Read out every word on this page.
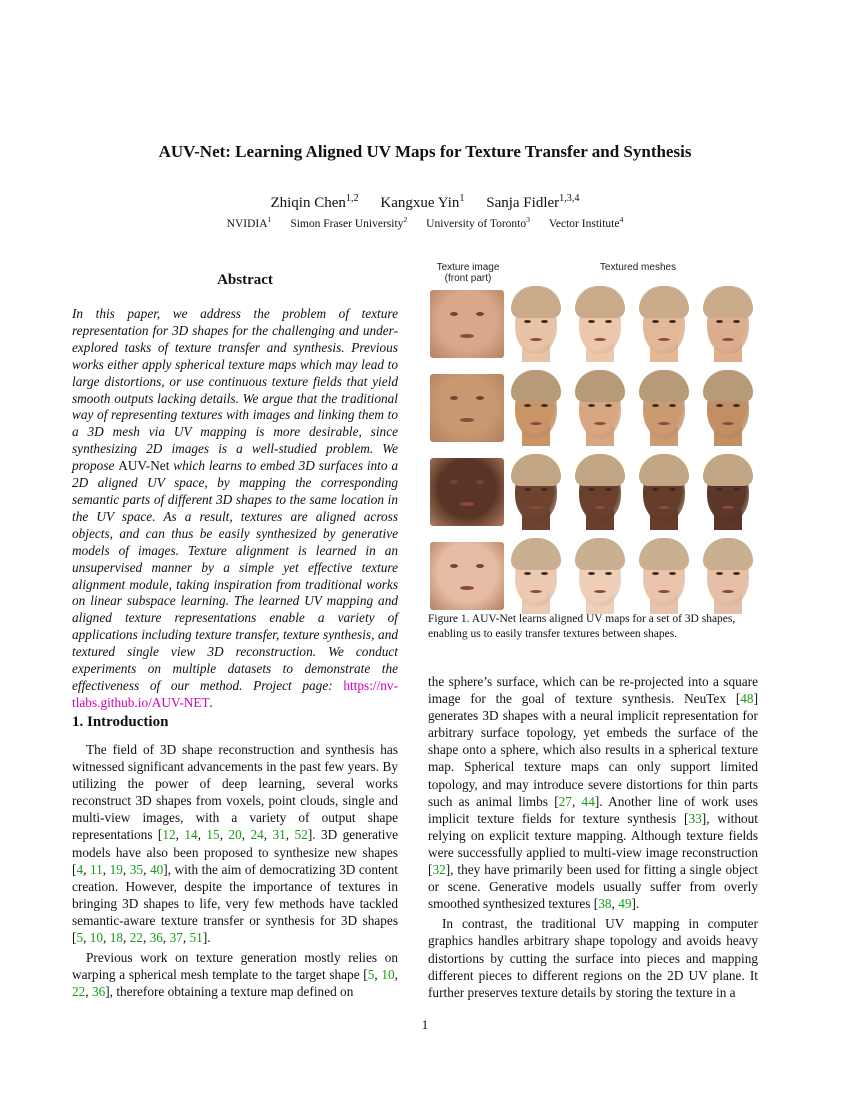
AUV-Net: Learning Aligned UV Maps for Texture Transfer and Synthesis
Zhiqin Chen$^{1,2}$ Kangxue Yin$^1$ Sanja Fidler$^{1,3,4}$
NVIDIA$^1$ Simon Fraser University$^2$ University of Toronto$^3$ Vector Institute$^4$
Abstract
In this paper, we address the problem of texture representation for 3D shapes for the challenging and under-explored tasks of texture transfer and synthesis. Previous works either apply spherical texture maps which may lead to large distortions, or use continuous texture fields that yield smooth outputs lacking details. We argue that the traditional way of representing textures with images and linking them to a 3D mesh via UV mapping is more desirable, since synthesizing 2D images is a well-studied problem. We propose AUV-Net which learns to embed 3D surfaces into a 2D aligned UV space, by mapping the corresponding semantic parts of different 3D shapes to the same location in the UV space. As a result, textures are aligned across objects, and can thus be easily synthesized by generative models of images. Texture alignment is learned in an unsupervised manner by a simple yet effective texture alignment module, taking inspiration from traditional works on linear subspace learning. The learned UV mapping and aligned texture representations enable a variety of applications including texture transfer, texture synthesis, and textured single view 3D reconstruction. We conduct experiments on multiple datasets to demonstrate the effectiveness of our method. Project page: https://nv-tlabs.github.io/AUV-NET.
1. Introduction

The field of 3D shape reconstruction and synthesis has witnessed significant advancements in the past few years. By utilizing the power of deep learning, several works reconstruct 3D shapes from voxels, point clouds, single and multi-view images, with a variety of output shape representations [12, 14, 15, 20, 24, 31, 52]. 3D generative models have also been proposed to synthesize new shapes [4, 11, 19, 35, 40], with the aim of democratizing 3D content creation. However, despite the importance of textures in bringing 3D shapes to life, very few methods have tackled semantic-aware texture transfer or synthesis for 3D shapes [5, 10, 18, 22, 36, 37, 51].

Previous work on texture generation mostly relies on warping a spherical mesh template to the target shape [5, 10, 22, 36], therefore obtaining a texture map defined on

Texture image
(front part)
Textured meshes
Figure 1. AUV-Net learns aligned UV maps for a set of 3D shapes, enabling us to easily transfer textures between shapes.

the sphere’s surface, which can be re-projected into a square image for the goal of texture synthesis. NeuTex [48] generates 3D shapes with a neural implicit representation for arbitrary surface topology, yet embeds the surface of the shape onto a sphere, which also results in a spherical texture map. Spherical texture maps can only support limited topology, and may introduce severe distortions for thin parts such as animal limbs [27, 44]. Another line of work uses implicit texture fields for texture synthesis [33], without relying on explicit texture mapping. Although texture fields were successfully applied to multi-view image reconstruction [32], they have primarily been used for fitting a single object or scene. Generative models usually suffer from overly smoothed synthesized textures [38, 49].

In contrast, the traditional UV mapping in computer graphics handles arbitrary shape topology and avoids heavy distortions by cutting the surface into pieces and mapping different pieces to different regions on the 2D UV plane. It further preserves texture details by storing the texture in a

1
